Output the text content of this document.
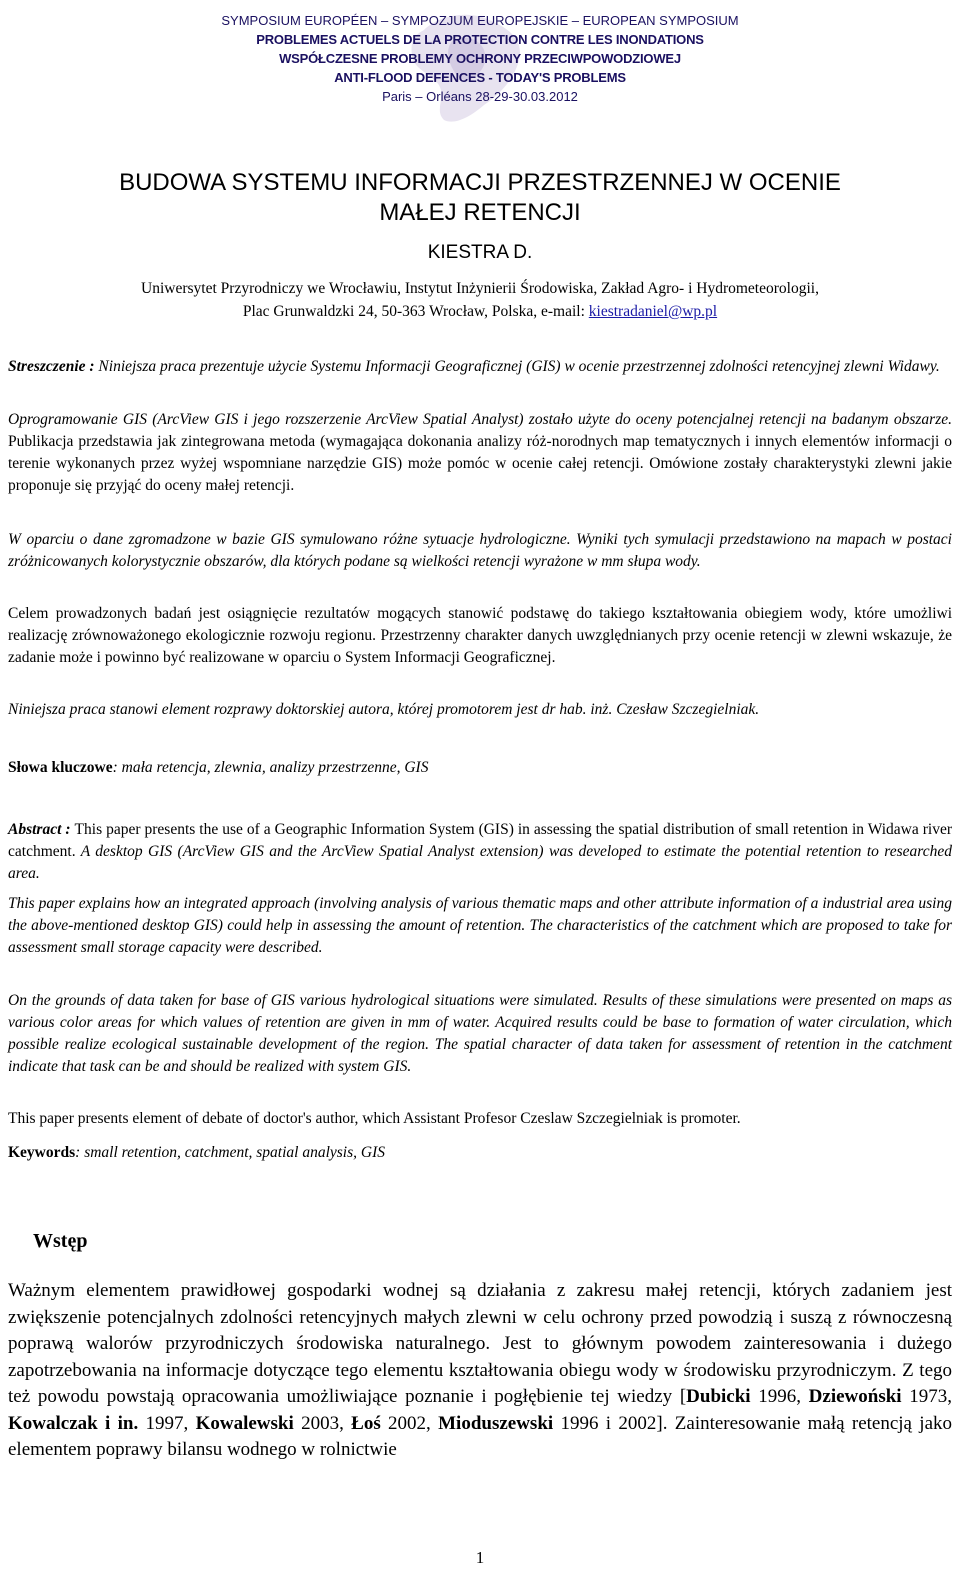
SYMPOSIUM EUROPÉEN – SYMPOZJUM EUROPEJSKIE – EUROPEAN SYMPOSIUM
PROBLEMES ACTUELS DE LA PROTECTION CONTRE LES INONDATIONS
WSPÓŁCZESNE PROBLEMY OCHRONY PRZECIWPOWODZIOWEJ
ANTI-FLOOD DEFENCES - TODAY'S PROBLEMS
Paris – Orléans 28-29-30.03.2012
BUDOWA SYSTEMU INFORMACJI PRZESTRZENNEJ W OCENIE
MAŁEJ RETENCJI
KIESTRA D.
Uniwersytet Przyrodniczy we Wrocławiu, Instytut Inżynierii Środowiska, Zakład Agro- i Hydrometeorologii,
Plac Grunwaldzki 24, 50-363 Wrocław, Polska, e-mail: kiestradaniel@wp.pl

Streszczenie : Niniejsza praca prezentuje użycie Systemu Informacji Geograficznej (GIS) w ocenie przestrzennej zdolności retencyjnej zlewni Widawy.

Oprogramowanie GIS (ArcView GIS i jego rozszerzenie ArcView Spatial Analyst) zostało użyte do oceny potencjalnej retencji na badanym obszarze. Publikacja przedstawia jak zintegrowana metoda (wymagająca dokonania analizy róż-norodnych map tematycznych i innych elementów informacji o terenie wykonanych przez wyżej wspomniane narzędzie GIS) może pomóc w ocenie całej retencji. Omówione zostały charakterystyki zlewni jakie proponuje się przyjąć do oceny małej retencji.

W oparciu o dane zgromadzone w bazie GIS symulowano różne sytuacje hydrologiczne. Wyniki tych symulacji przedstawiono na mapach w postaci zróżnicowanych kolorystycznie obszarów, dla których podane są wielkości retencji wyrażone w mm słupa wody.

Celem prowadzonych badań jest osiągnięcie rezultatów mogących stanowić podstawę do takiego kształtowania obiegiem wody, które umożliwi realizację zrównoważonego ekologicznie rozwoju regionu. Przestrzenny charakter danych uwzględnianych przy ocenie retencji w zlewni wskazuje, że zadanie może i powinno być realizowane w oparciu o System Informacji Geograficznej.

Niniejsza praca stanowi element rozprawy doktorskiej autora, której promotorem jest dr hab. inż. Czesław Szczegielniak.

Słowa kluczowe: mała retencja, zlewnia, analizy przestrzenne, GIS

Abstract : This paper presents the use of a Geographic Information System (GIS) in assessing the spatial distribution of small retention in Widawa river catchment. A desktop GIS (ArcView GIS and the ArcView Spatial Analyst extension) was developed to estimate the potential retention to researched area.

This paper explains how an integrated approach (involving analysis of various thematic maps and other attribute information of a industrial area using the above-mentioned desktop GIS) could help in assessing the amount of retention. The characteristics of the catchment which are proposed to take for assessment small storage capacity were described.

On the grounds of data taken for base of GIS various hydrological situations were simulated. Results of these simulations were presented on maps as various color areas for which values of retention are given in mm of water. Acquired results could be base to formation of water circulation, which possible realize ecological sustainable development of the region. The spatial character of data taken for assessment of retention in the catchment indicate that task can be and should be realized with system GIS.

This paper presents element of debate of doctor's author, which Assistant Profesor Czeslaw Szczegielniak is promoter.

Keywords: small retention, catchment, spatial analysis, GIS

Wstęp

Ważnym elementem prawidłowej gospodarki wodnej są działania z zakresu małej retencji, których zadaniem jest zwiększenie potencjalnych zdolności retencyjnych małych zlewni w celu ochrony przed powodzią i suszą z równoczesną poprawą walorów przyrodniczych środowiska naturalnego. Jest to głównym powodem zainteresowania i dużego zapotrzebowania na informacje dotyczące tego elementu kształtowania obiegu wody w środowisku przyrodniczym. Z tego też powodu powstają opracowania umożliwiające poznanie i pogłębienie tej wiedzy [Dubicki 1996, Dziewoński 1973, Kowalczak i in. 1997, Kowalewski 2003, Łoś 2002, Mioduszewski 1996 i 2002]. Zainteresowanie małą retencją jako elementem poprawy bilansu wodnego w rolnictwie

1
